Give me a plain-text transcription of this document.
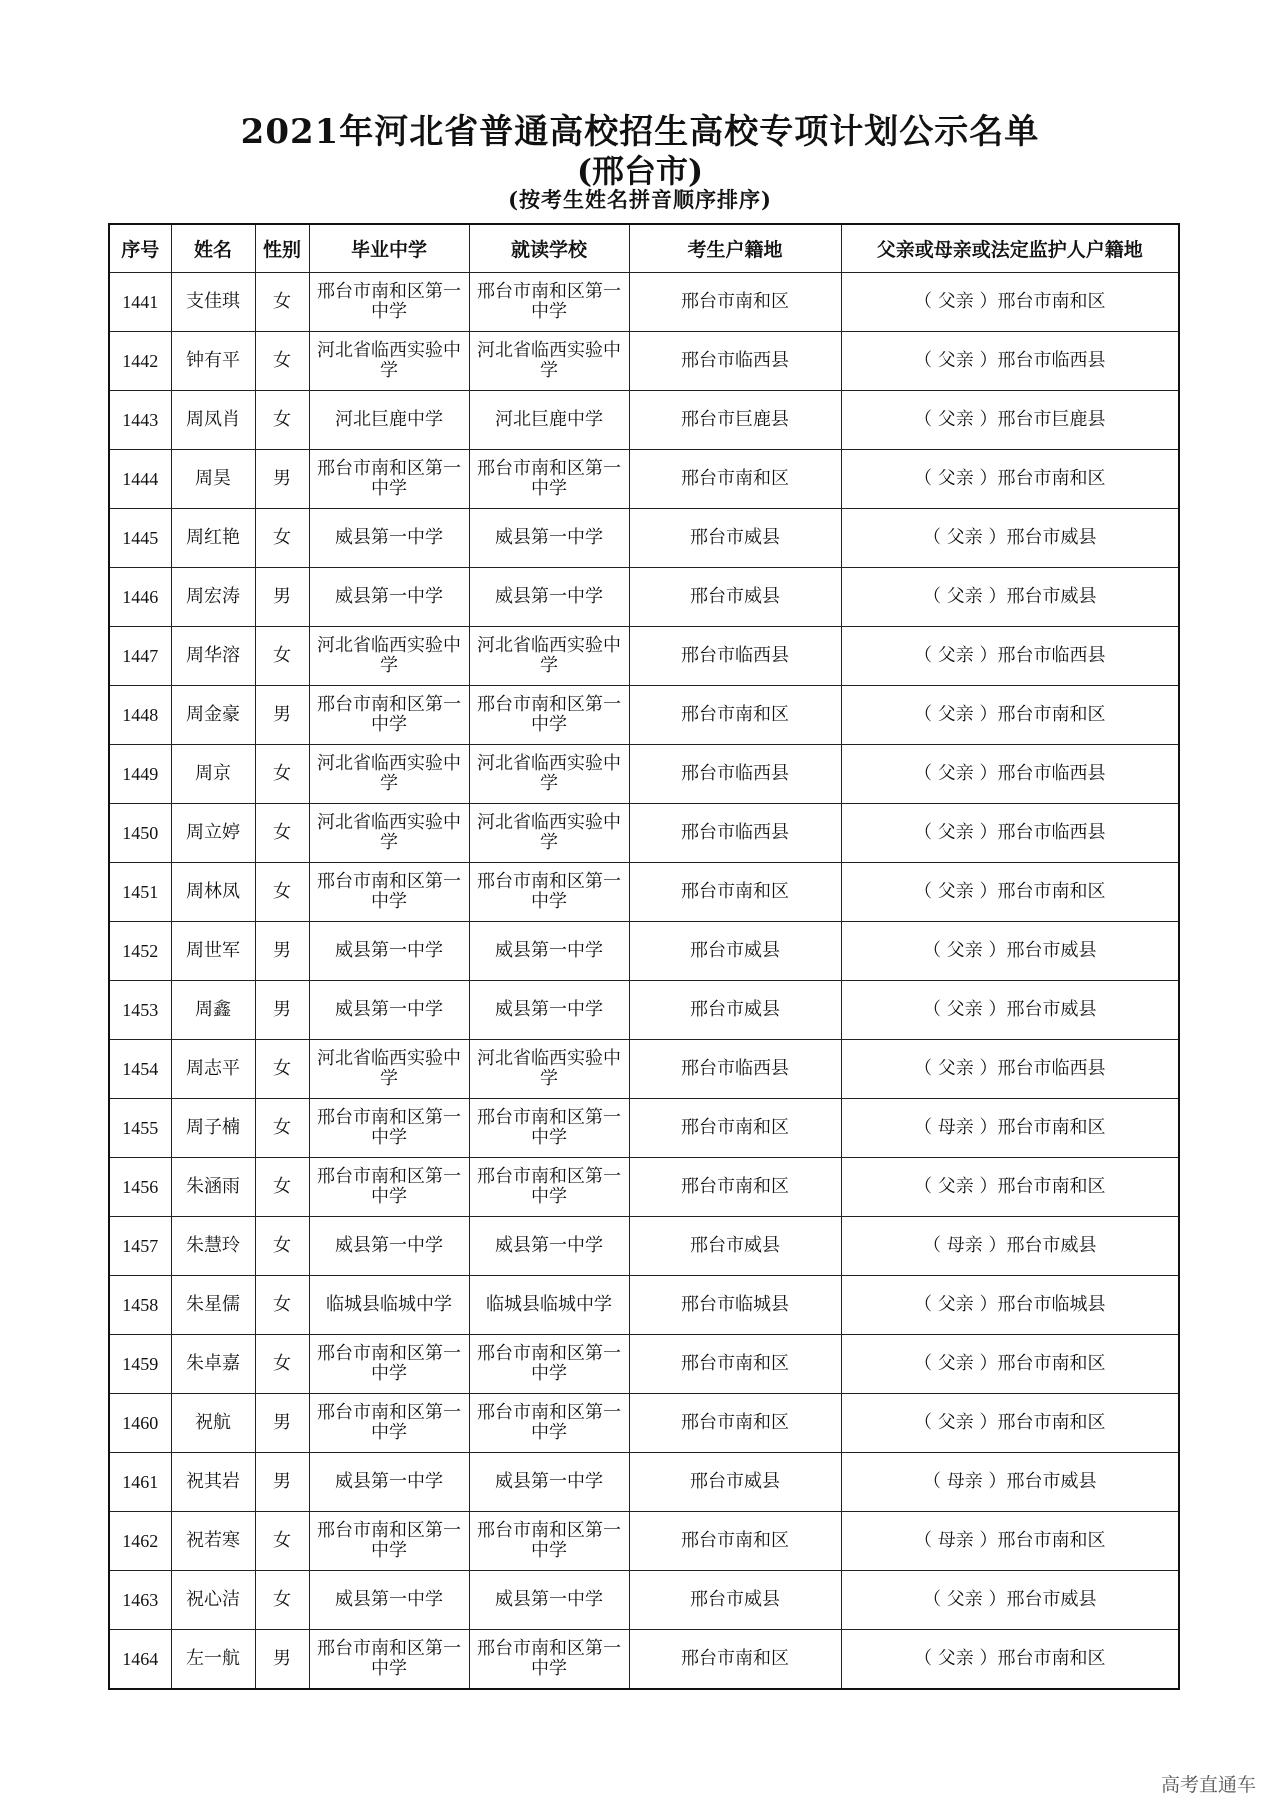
2021年河北省普通高校招生高校专项计划公示名单
(邢台市)
(按考生姓名拼音顺序排序)
序号	姓名	性别	毕业中学	就读学校	考生户籍地	父亲或母亲或法定监护人户籍地
1441	支佳琪	女	邢台市南和区第一中学	邢台市南和区第一中学	邢台市南和区	（ 父亲 ）邢台市南和区
1442	钟有平	女	河北省临西实验中学	河北省临西实验中学	邢台市临西县	（ 父亲 ）邢台市临西县
1443	周凤肖	女	河北巨鹿中学	河北巨鹿中学	邢台市巨鹿县	（ 父亲 ）邢台市巨鹿县
1444	周昊	男	邢台市南和区第一中学	邢台市南和区第一中学	邢台市南和区	（ 父亲 ）邢台市南和区
1445	周红艳	女	威县第一中学	威县第一中学	邢台市威县	（ 父亲 ）邢台市威县
1446	周宏涛	男	威县第一中学	威县第一中学	邢台市威县	（ 父亲 ）邢台市威县
1447	周华溶	女	河北省临西实验中学	河北省临西实验中学	邢台市临西县	（ 父亲 ）邢台市临西县
1448	周金豪	男	邢台市南和区第一中学	邢台市南和区第一中学	邢台市南和区	（ 父亲 ）邢台市南和区
1449	周京	女	河北省临西实验中学	河北省临西实验中学	邢台市临西县	（ 父亲 ）邢台市临西县
1450	周立婷	女	河北省临西实验中学	河北省临西实验中学	邢台市临西县	（ 父亲 ）邢台市临西县
1451	周林凤	女	邢台市南和区第一中学	邢台市南和区第一中学	邢台市南和区	（ 父亲 ）邢台市南和区
1452	周世军	男	威县第一中学	威县第一中学	邢台市威县	（ 父亲 ）邢台市威县
1453	周鑫	男	威县第一中学	威县第一中学	邢台市威县	（ 父亲 ）邢台市威县
1454	周志平	女	河北省临西实验中学	河北省临西实验中学	邢台市临西县	（ 父亲 ）邢台市临西县
1455	周子楠	女	邢台市南和区第一中学	邢台市南和区第一中学	邢台市南和区	（ 母亲 ）邢台市南和区
1456	朱涵雨	女	邢台市南和区第一中学	邢台市南和区第一中学	邢台市南和区	（ 父亲 ）邢台市南和区
1457	朱慧玲	女	威县第一中学	威县第一中学	邢台市威县	（ 母亲 ）邢台市威县
1458	朱星儒	女	临城县临城中学	临城县临城中学	邢台市临城县	（ 父亲 ）邢台市临城县
1459	朱卓嘉	女	邢台市南和区第一中学	邢台市南和区第一中学	邢台市南和区	（ 父亲 ）邢台市南和区
1460	祝航	男	邢台市南和区第一中学	邢台市南和区第一中学	邢台市南和区	（ 父亲 ）邢台市南和区
1461	祝其岩	男	威县第一中学	威县第一中学	邢台市威县	（ 母亲 ）邢台市威县
1462	祝若寒	女	邢台市南和区第一中学	邢台市南和区第一中学	邢台市南和区	（ 母亲 ）邢台市南和区
1463	祝心洁	女	威县第一中学	威县第一中学	邢台市威县	（ 父亲 ）邢台市威县
1464	左一航	男	邢台市南和区第一中学	邢台市南和区第一中学	邢台市南和区	（ 父亲 ）邢台市南和区
高考直通车
